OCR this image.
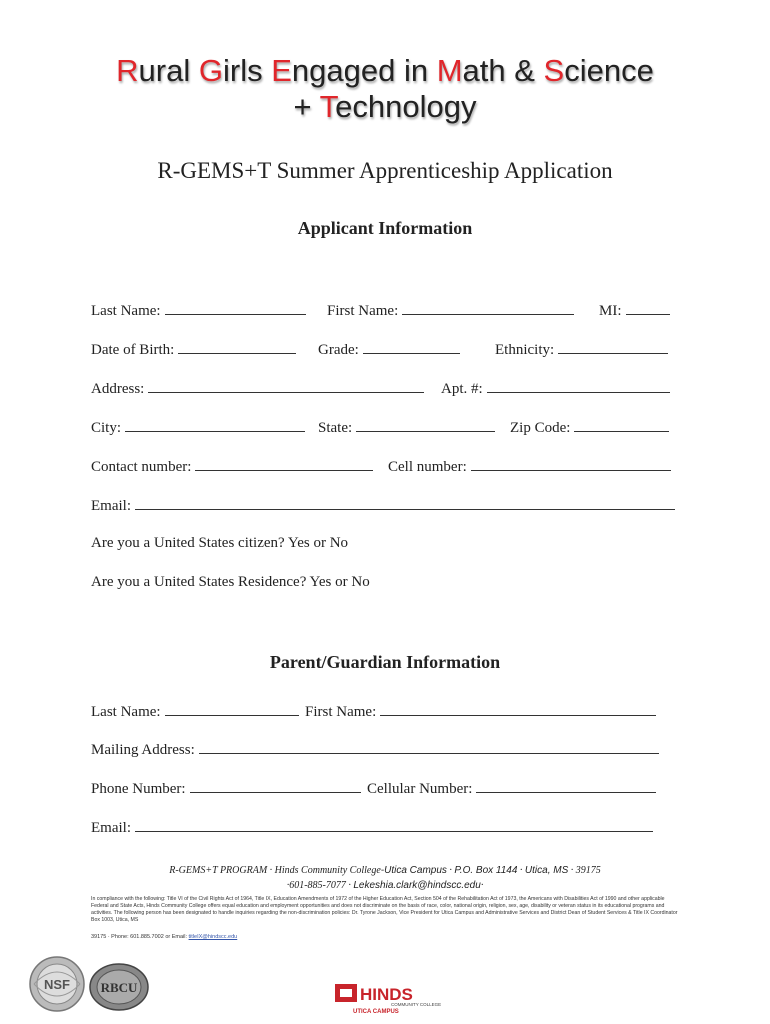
Rural Girls Engaged in Math & Science
+ Technology
R-GEMS+T Summer Apprenticeship Application
Applicant Information
Last Name:	First Name:	MI:
Date of Birth:	Grade:	Ethnicity:
Address:	Apt. #:
City:	State:	Zip Code:
Contact number:	Cell number:
Email:
Are you a United States citizen? Yes or No
Are you a United States Residence? Yes or No
Parent/Guardian Information
Last Name:	First Name:
Mailing Address:
Phone Number:	Cellular Number:
Email:
R-GEMS+T PROGRAM · Hinds Community College-Utica Campus · P.O. Box 1144 · Utica, MS · 39175
·601-885-7077 · Lekeshia.clark@hindscc.edu·
In compliance with the following: Title VI of the Civil Rights Act of 1964, Title IX, Education Amendments of 1972 of the Higher Education Act, Section 504 of the Rehabilitation Act of 1973, the Americans with Disabilities Act of 1990 and other applicable Federal and State Acts, Hinds Community College offers equal education and employment opportunities and does not discriminate on the basis of race, color, national origin, religion, sex, age, disability or veteran status in its educational programs and activities. The following person has been designated to handle inquiries regarding the non-discrimination policies: Dr. Tyrone Jackson, Vice President for Utica Campus and Administrative Services and District Dean of Student Services & Title IX Coordinator Box 1003, Utica, MS
39175 · Phone: 601.885.7002 or Email: titleIX@hindscc.edu
NSF RBCU	HINDS
COMMUNITY COLLEGE
UTICA CAMPUS
